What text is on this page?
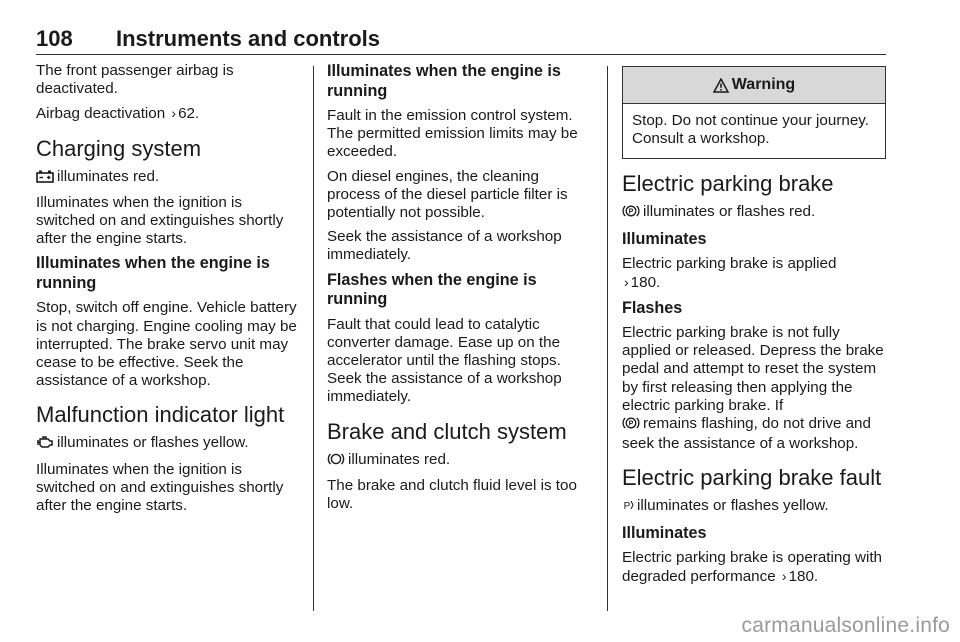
108 Instruments and controls

The front passenger airbag is deactivated.

Airbag deactivation › 62.

Charging system

illuminates red.

Illuminates when the ignition is switched on and extinguishes shortly after the engine starts.

Illuminates when the engine is running

Stop, switch off engine. Vehicle battery is not charging. Engine cooling may be interrupted. The brake servo unit may cease to be effective. Seek the assistance of a workshop.

Malfunction indicator light

illuminates or flashes yellow.

Illuminates when the ignition is switched on and extinguishes shortly after the engine starts.

Illuminates when the engine is running

Fault in the emission control system. The permitted emission limits may be exceeded.

On diesel engines, the cleaning process of the diesel particle filter is potentially not possible.

Seek the assistance of a workshop immediately.

Flashes when the engine is running

Fault that could lead to catalytic converter damage. Ease up on the accelerator until the flashing stops. Seek the assistance of a workshop immediately.

Brake and clutch system

illuminates red.

The brake and clutch fluid level is too low.

Warning

Stop. Do not continue your journey. Consult a workshop.

Electric parking brake

P illuminates or flashes red.

Illuminates

Electric parking brake is applied
› 180.

Flashes

Electric parking brake is not fully applied or released. Depress the brake pedal and attempt to reset the system by first releasing then applying the electric parking brake. If

P remains flashing, do not drive and seek the assistance of a workshop.

Electric parking brake fault

P illuminates or flashes yellow.

Illuminates

Electric parking brake is operating with degraded performance › 180.

carmanualsonline.info
